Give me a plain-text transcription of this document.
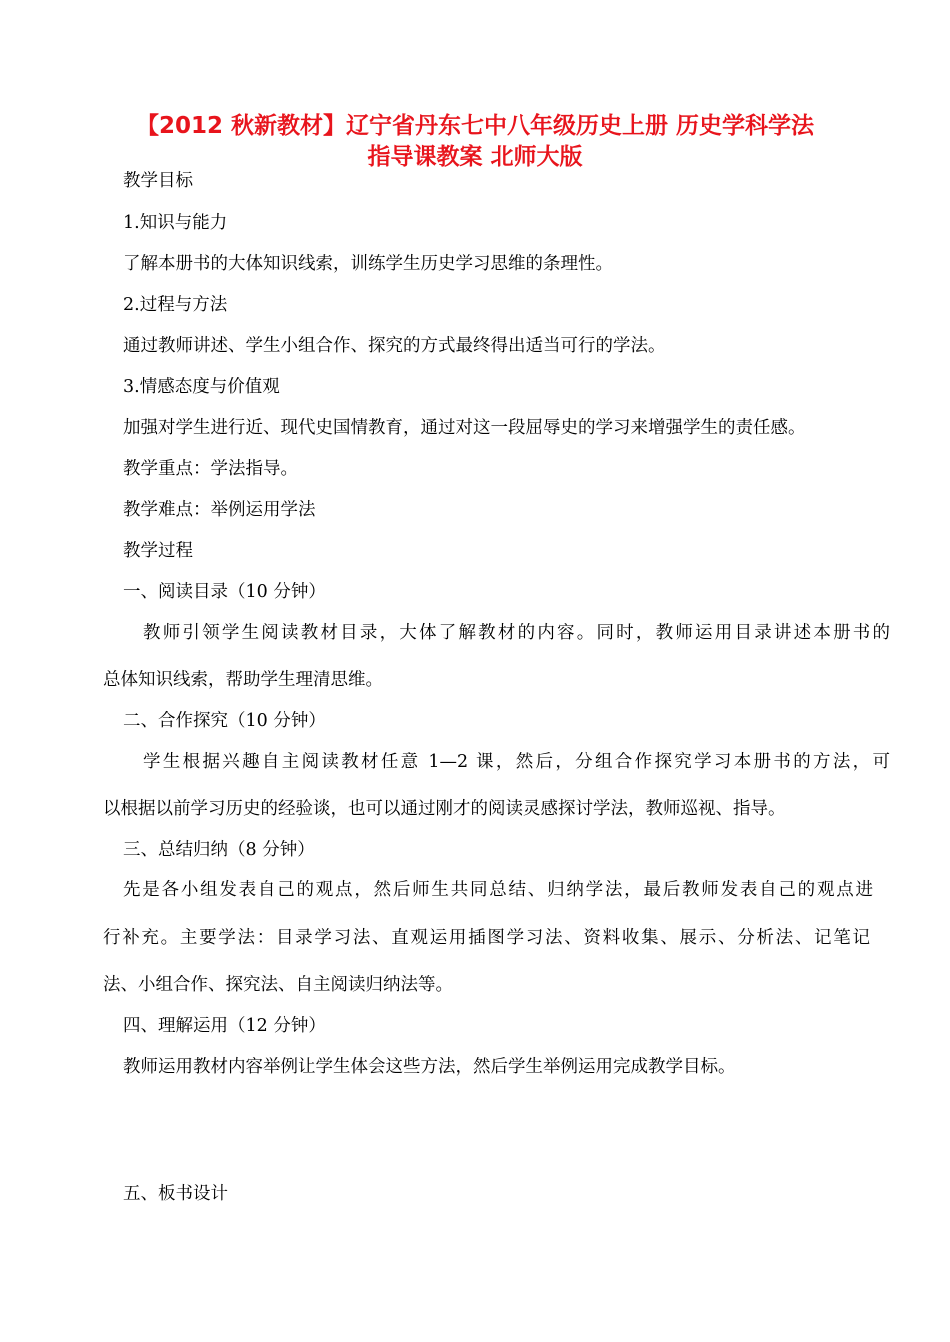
【2012 秋新教材】辽宁省丹东七中八年级历史上册 历史学科学法
指导课教案 北师大版
教学目标
1.知识与能力
了解本册书的大体知识线索，训练学生历史学习思维的条理性。
2.过程与方法
通过教师讲述、学生小组合作、探究的方式最终得出适当可行的学法。
3.情感态度与价值观
加强对学生进行近、现代史国情教育，通过对这一段屈辱史的学习来增强学生的责任感。
教学重点：学法指导。
教学难点：举例运用学法
教学过程
一、阅读目录（10 分钟）
教师引领学生阅读教材目录，大体了解教材的内容。同时，教师运用目录讲述本册书的
总体知识线索，帮助学生理清思维。
二、合作探究（10 分钟）
学生根据兴趣自主阅读教材任意 1—2 课，然后，分组合作探究学习本册书的方法，可
以根据以前学习历史的经验谈，也可以通过刚才的阅读灵感探讨学法，教师巡视、指导。
三、总结归纳（8 分钟）
先是各小组发表自己的观点，然后师生共同总结、归纳学法，最后教师发表自己的观点进
行补充。主要学法：目录学习法、直观运用插图学习法、资料收集、展示、分析法、记笔记
法、小组合作、探究法、自主阅读归纳法等。
四、理解运用（12 分钟）
教师运用教材内容举例让学生体会这些方法，然后学生举例运用完成教学目标。
五、板书设计
